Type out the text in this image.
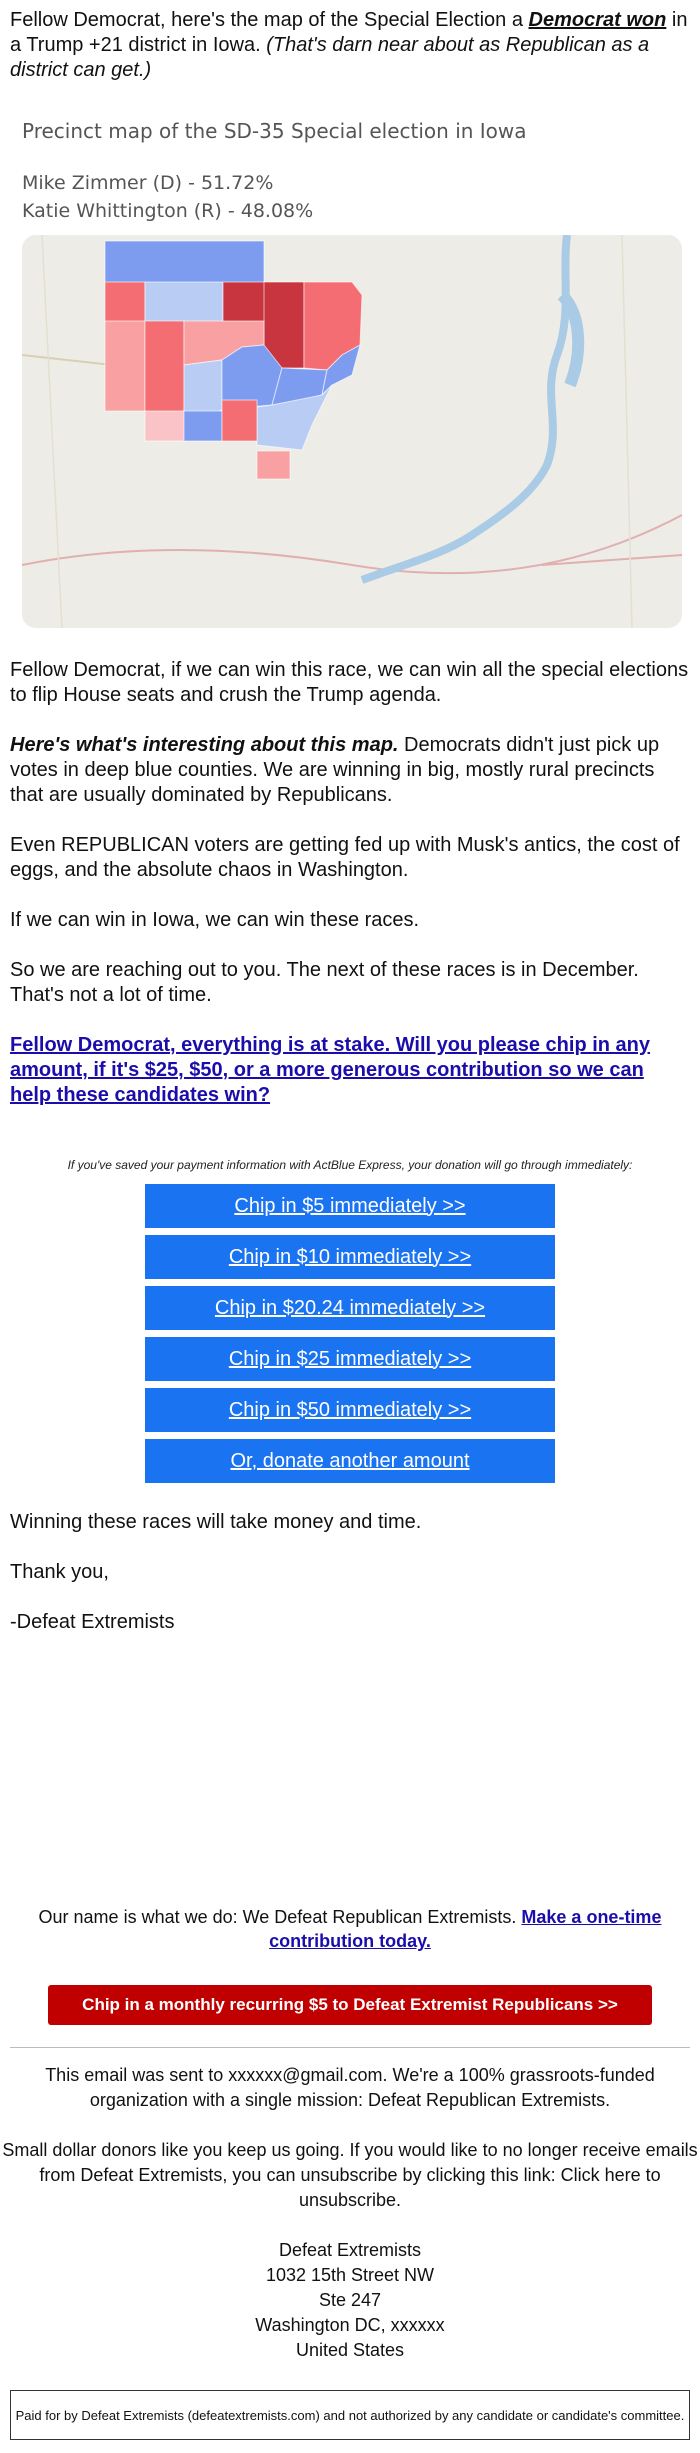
Fellow Democrat, here's the map of the Special Election a Democrat won in a Trump +21 district in Iowa. (That's darn near about as Republican as a district can get.)

Precinct map of the SD-35 Special election in Iowa
Mike Zimmer (D) - 51.72%
Katie Whittington (R) - 48.08%

Fellow Democrat, if we can win this race, we can win all the special elections to flip House seats and crush the Trump agenda.

Here's what's interesting about this map. Democrats didn't just pick up votes in deep blue counties. We are winning in big, mostly rural precincts that are usually dominated by Republicans.

Even REPUBLICAN voters are getting fed up with Musk's antics, the cost of eggs, and the absolute chaos in Washington.

If we can win in Iowa, we can win these races.

So we are reaching out to you. The next of these races is in December. That's not a lot of time.

Fellow Democrat, everything is at stake. Will you please chip in any amount, if it's $25, $50, or a more generous contribution so we can help these candidates win?
If you've saved your payment information with ActBlue Express, your donation will go through immediately:
Chip in $5 immediately >>
Chip in $10 immediately >>
Chip in $20.24 immediately >>
Chip in $25 immediately >>
Chip in $50 immediately >>
Or, donate another amount

Winning these races will take money and time.

Thank you,

-Defeat Extremists

Our name is what we do: We Defeat Republican Extremists. Make a one-time contribution today.
Chip in a monthly recurring $5 to Defeat Extremist Republicans >>
This email was sent to xxxxxx@gmail.com. We're a 100% grassroots-funded organization with a single mission: Defeat Republican Extremists.
Small dollar donors like you keep us going. If you would like to no longer receive emails from Defeat Extremists, you can unsubscribe by clicking this link: Click here to unsubscribe.
Defeat Extremists
1032 15th Street NW
Ste 247
Washington DC, xxxxxx
United States
Paid for by Defeat Extremists (defeatextremists.com) and not authorized by any candidate or candidate's committee.
